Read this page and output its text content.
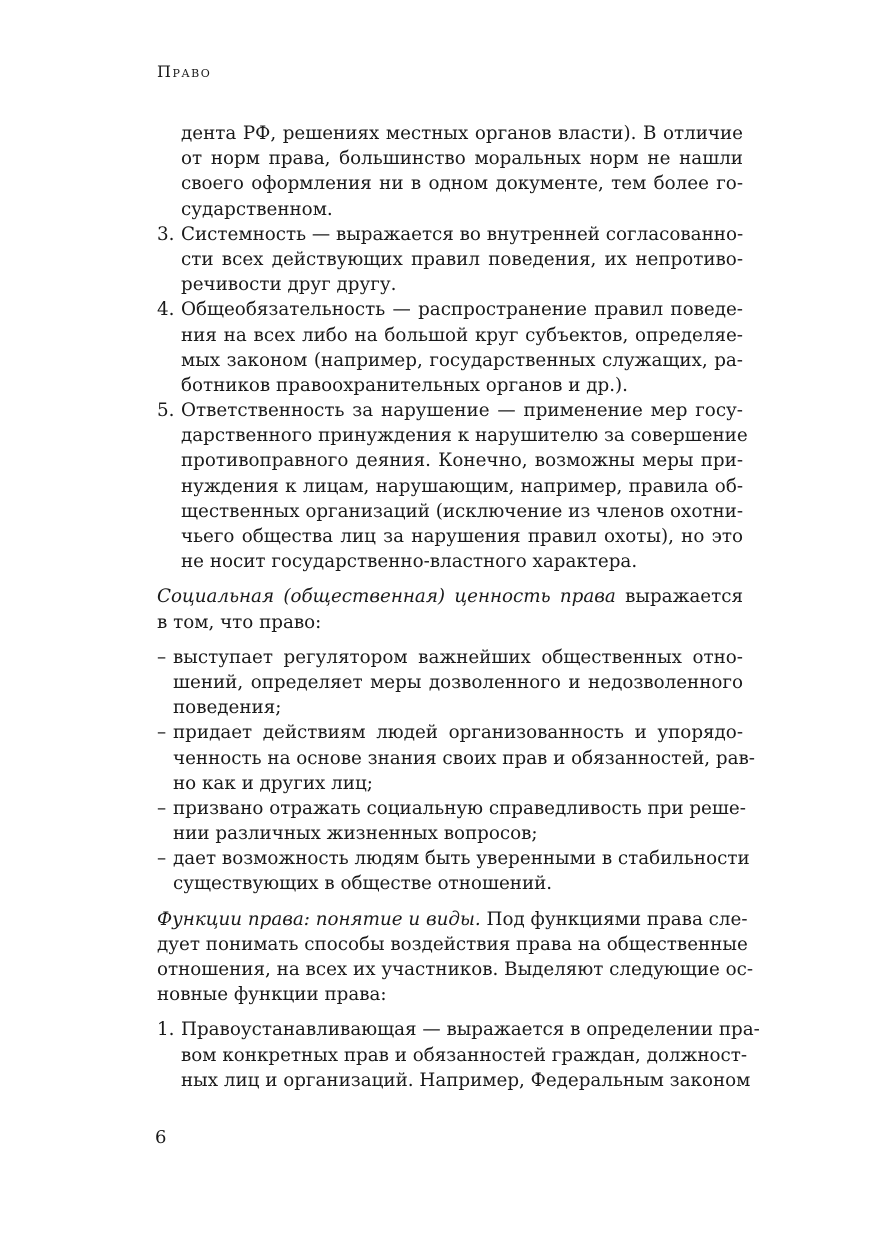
Право
дента РФ, решениях местных органов власти). В отличие
от норм права, большинство моральных норм не нашли
своего оформления ни в одном документе, тем более го-
сударственном.
3. Системность — выражается во внутренней согласованно-
сти всех действующих правил поведения, их непротиво-
речивости друг другу.
4. Общеобязательность — распространение правил поведе-
ния на всех либо на большой круг субъектов, определяе-
мых законом (например, государственных служащих, ра-
ботников правоохранительных органов и др.).
5. Ответственность за нарушение — применение мер госу-
дарственного принуждения к нарушителю за совершение
противоправного деяния. Конечно, возможны меры при-
нуждения к лицам, нарушающим, например, правила об-
щественных организаций (исключение из членов охотни-
чьего общества лиц за нарушения правил охоты), но это
не носит государственно-властного характера.
Социальная (общественная) ценность права выражается
в том, что право:
– выступает регулятором важнейших общественных отно-
шений, определяет меры дозволенного и недозволенного
поведения;
– придает действиям людей организованность и упорядо-
ченность на основе знания своих прав и обязанностей, рав-
но как и других лиц;
– призвано отражать социальную справедливость при реше-
нии различных жизненных вопросов;
– дает возможность людям быть уверенными в стабильности
существующих в обществе отношений.
Функции права: понятие и виды. Под функциями права сле-
дует понимать способы воздействия права на общественные
отношения, на всех их участников. Выделяют следующие ос-
новные функции права:
1. Правоустанавливающая — выражается в определении пра-
вом конкретных прав и обязанностей граждан, должност-
ных лиц и организаций. Например, Федеральным законом
6
